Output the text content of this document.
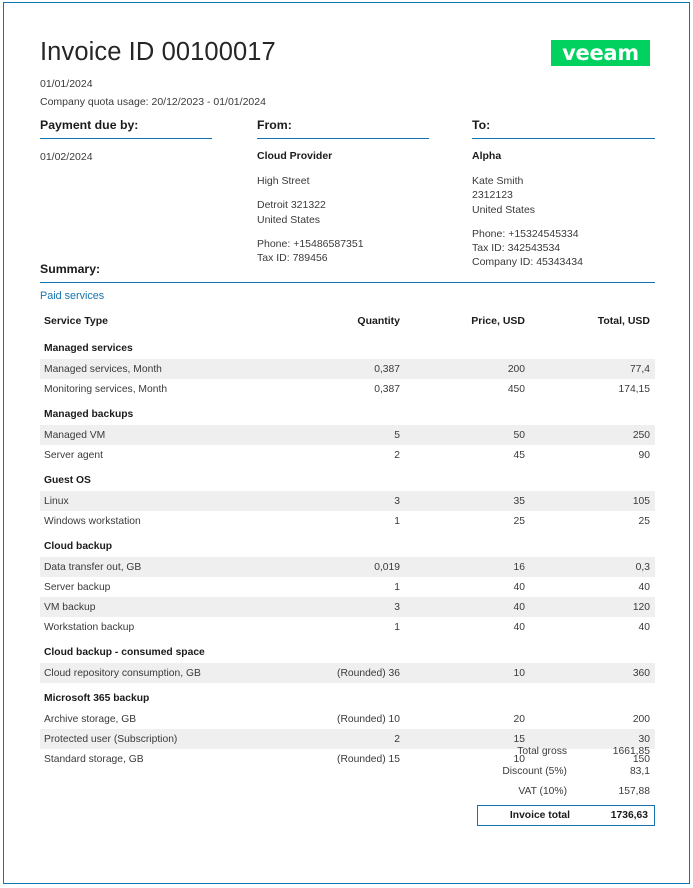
Invoice ID 00100017	veeam
01/01/2024
Company quota usage: 20/12/2023 - 01/01/2024
Payment due by:
01/02/2024
From:
Cloud Provider
High Street
Detroit 321322
United States
Phone: +15486587351
Tax ID: 789456
To:
Alpha
Kate Smith
2312123
United States
Phone: +15324545334
Tax ID: 342543534
Company ID: 45343434
Summary:
Paid services
Service Type	Quantity	Price, USD	Total, USD
Managed services			
Managed services, Month	0,387	200	77,4
Monitoring services, Month	0,387	450	174,15
Managed backups			
Managed VM	5	50	250
Server agent	2	45	90
Guest OS			
Linux	3	35	105
Windows workstation	1	25	25
Cloud backup			
Data transfer out, GB	0,019	16	0,3
Server backup	1	40	40
VM backup	3	40	120
Workstation backup	1	40	40
Cloud backup - consumed space			
Cloud repository consumption, GB	(Rounded) 36	10	360
Microsoft 365 backup			
Archive storage, GB	(Rounded) 10	20	200
Protected user (Subscription)	2	15	30
Standard storage, GB	(Rounded) 15	10	150
Total gross	1661,85
Discount (5%)	83,1
VAT (10%)	157,88
Invoice total	1736,63
